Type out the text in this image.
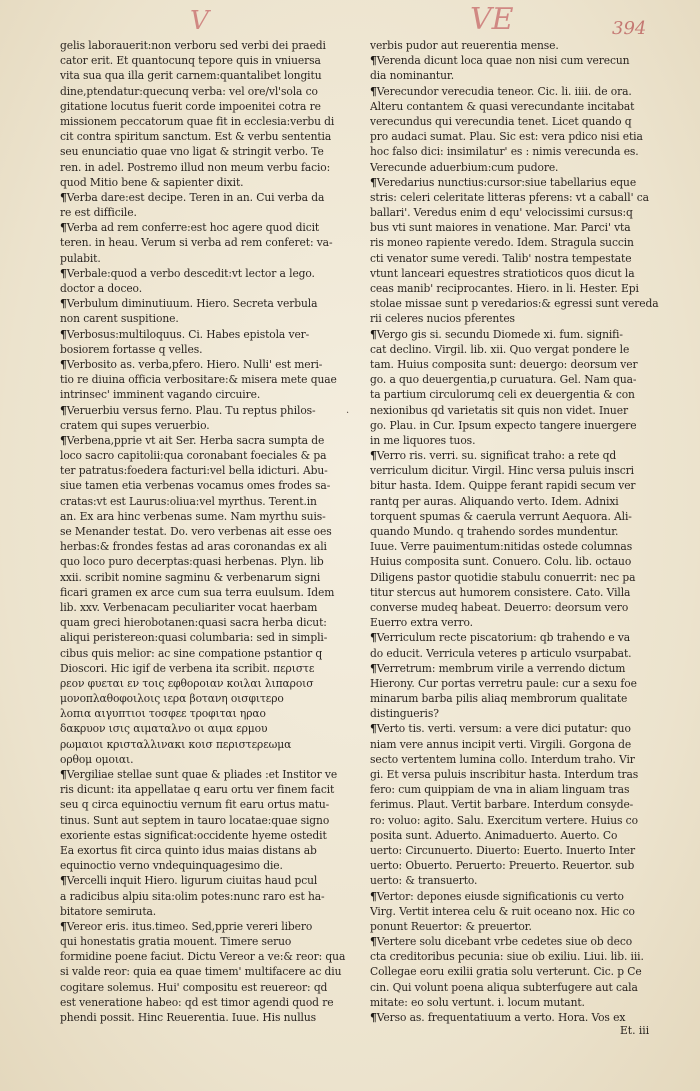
V	VE	394
gelis laborauerit:non verboru sed verbi dei praedi
cator erit. Et quantocunq tepore quis in vniuersa
vita sua qua illa gerit carnem:quantalibet longitu
dine,ptendatur:quecunq verba: vel ore/vl'sola co
gitatione locutus fuerit corde impoenitei cotra re
missionem peccatorum quae fit in ecclesia:verbu di
cit contra spiritum sanctum. Est & verbu sententia
seu enunciatio quae vno ligat & stringit verbo. Te
ren. in adel. Postremo illud non meum verbu facio:
quod Mitio bene & sapienter dixit.
¶Verba dare:est decipe. Teren in an. Cui verba da
re est difficile.
¶Verba ad rem conferre:est hoc agere quod dicit
teren. in heau. Verum si verba ad rem conferet: va-
pulabit.
¶Verbale:quod a verbo descedit:vt lector a lego.
doctor a doceo.
¶Verbulum diminutiuum. Hiero. Secreta verbula
non carent suspitione.
¶Verbosus:multiloquus. Ci. Habes epistola ver-
bosiorem fortasse q velles.
¶Verbosito as. verba,pfero. Hiero. Nulli' est meri-
tio re diuina officia verbositare:& misera mete quae
intrinsec' imminent vagando circuire.
¶Veruerbiu versus ferno. Plau. Tu reptus philos-
cratem qui supes veruerbio.
¶Verbena,pprie vt ait Ser. Herba sacra sumpta de
loco sacro capitolii:qua coronabant foeciales & pa
ter patratus:foedera facturi:vel bella idicturi. Abu-
siue tamen etia verbenas vocamus omes frodes sa-
cratas:vt est Laurus:oliua:vel myrthus. Terent.in
an. Ex ara hinc verbenas sume. Nam myrthu suis-
se Menander testat. Do. vero verbenas ait esse oes
herbas:& frondes festas ad aras coronandas ex ali
quo loco puro decerptas:quasi herbenas. Plyn. lib
xxii. scribit nomine sagminu & verbenarum signi
ficari gramen ex arce cum sua terra euulsum. Idem
lib. xxv. Verbenacam peculiariter vocat haerbam
quam greci hierobotanen:quasi sacra herba dicut:
aliqui peristereon:quasi columbaria: sed in simpli-
cibus quis melior: ac sine compatione pstantior q
Dioscori. Hic igif de verbena ita scribit. περιστε
ρεον φυεται εν τοις εφθοροιαν κοιλαι λιπαροισ
μονοπλαθοφοιλοις ιερα βοτανη οισφιτερο
λοπια αιγυπτιοι τοσφεε τροφιται ηραο
δακρυον ισις αιματαλνο οι αιμα ερμου
ρωμαιοι κρισταλλινακι κοισ περιστερεωμα
ορθομ ομοιαι.
¶Vergiliae stellae sunt quae & pliades :et Institor ve
ris dicunt: ita appellatae q earu ortu ver finem facit
seu q circa equinoctiu vernum fit earu ortus matu-
tinus. Sunt aut septem in tauro locatae:quae signo
exoriente estas significat:occidente hyeme ostedit
Ea exortus fit circa quinto idus maias distans ab
equinoctio verno vndequinquagesimo die.
¶Vercelli inquit Hiero. ligurum ciuitas haud pcul
a radicibus alpiu sita:olim potes:nunc raro est ha-
bitatore semiruta.
¶Vereor eris. itus.timeo. Sed,pprie vereri libero
qui honestatis gratia mouent. Timere seruo
formidine poene faciut. Dictu Vereor a ve:& reor: qua
si valde reor: quia ea quae timem' multifacere ac diu
cogitare solemus. Hui' compositu est reuereor: qd
est veneratione habeo: qd est timor agendi quod re
phendi possit. Hinc Reuerentia. Iuue. His nullus
verbis pudor aut reuerentia mense.
¶Verenda dicunt loca quae non nisi cum verecun
dia nominantur.
¶Verecundor verecudia teneor. Cic. li. iiii. de ora.
Alteru contantem & quasi verecundante incitabat
verecundus qui verecundia tenet. Licet quando q
pro audaci sumat. Plau. Sic est: vera pdico nisi etia
hoc falso dici: insimilatur' es : nimis verecunda es.
Verecunde aduerbium:cum pudore.
¶Veredarius nunctius:cursor:siue tabellarius eque
stris: celeri celeritate litteras pferens: vt a caball' ca
ballari'. Veredus enim d equ' velocissimi cursus:q
bus vti sunt maiores in venatione. Mar. Parci' vta
ris moneo rapiente veredo. Idem. Stragula succin
cti venator sume veredi. Talib' nostra tempestate
vtunt lanceari equestres stratioticos quos dicut la
ceas manib' reciprocantes. Hiero. in li. Hester. Epi
stolae missae sunt p veredarios:& egressi sunt vereda
rii celeres nucios pferentes
¶Vergo gis si. secundu Diomede xi. fum. signifi-
cat declino. Virgil. lib. xii. Quo vergat pondere le
tam. Huius composita sunt: deuergo: deorsum ver
go. a quo deuergentia,p curuatura. Gel. Nam qua-
ta partium circulorumq celi ex deuergentia & con
nexionibus qd varietatis sit quis non videt. Inuer
go. Plau. in Cur. Ipsum expecto tangere inuergere
in me liquores tuos.
¶Verro ris. verri. su. significat traho: a rete qd
verriculum dicitur. Virgil. Hinc versa puluis inscri
bitur hasta. Idem. Quippe ferant rapidi secum ver
rantq per auras. Aliquando verto. Idem. Adnixi
torquent spumas & caerula verrunt Aequora. Ali-
quando Mundo. q trahendo sordes mundentur.
Iuue. Verre pauimentum:nitidas ostede columnas
Huius composita sunt. Conuero. Colu. lib. octauo
Diligens pastor quotidie stabulu conuerrit: nec pa
titur stercus aut humorem consistere. Cato. Villa
converse mudeq habeat. Deuerro: deorsum vero
Euerro extra verro.
¶Verriculum recte piscatorium: qb trahendo e va
do educit. Verricula veteres p articulo vsurpabat.
¶Verretrum: membrum virile a verrendo dictum
Hierony. Cur portas verretru paule: cur a sexu foe
minarum barba pilis aliaq membrorum qualitate
distingueris?
¶Verto tis. verti. versum: a vere dici putatur: quo
niam vere annus incipit verti. Virgili. Gorgona de
secto vertentem lumina collo. Interdum traho. Vir
gi. Et versa puluis inscribitur hasta. Interdum tras
fero: cum quippiam de vna in aliam linguam tras
ferimus. Plaut. Vertit barbare. Interdum consyde-
ro: voluo: agito. Salu. Exercitum vertere. Huius co
posita sunt. Aduerto. Animaduerto. Auerto. Co
uerto: Circunuerto. Diuerto: Euerto. Inuerto Inter
uerto: Obuerto. Peruerto: Preuerto. Reuertor. sub
uerto: & transuerto.
¶Vertor: depones eiusde significationis cu verto
Virg. Vertit interea celu & ruit oceano nox. Hic co
ponunt Reuertor: & preuertor.
¶Vertere solu dicebant vrbe cedetes siue ob deco
cta creditoribus pecunia: siue ob exiliu. Liui. lib. iii.
Collegae eoru exilii gratia solu verterunt. Cic. p Ce
cin. Qui volunt poena aliqua subterfugere aut cala
mitate: eo solu vertunt. i. locum mutant.
¶Verso as. frequentatiuum a verto. Hora. Vos ex
·
Et. iii
